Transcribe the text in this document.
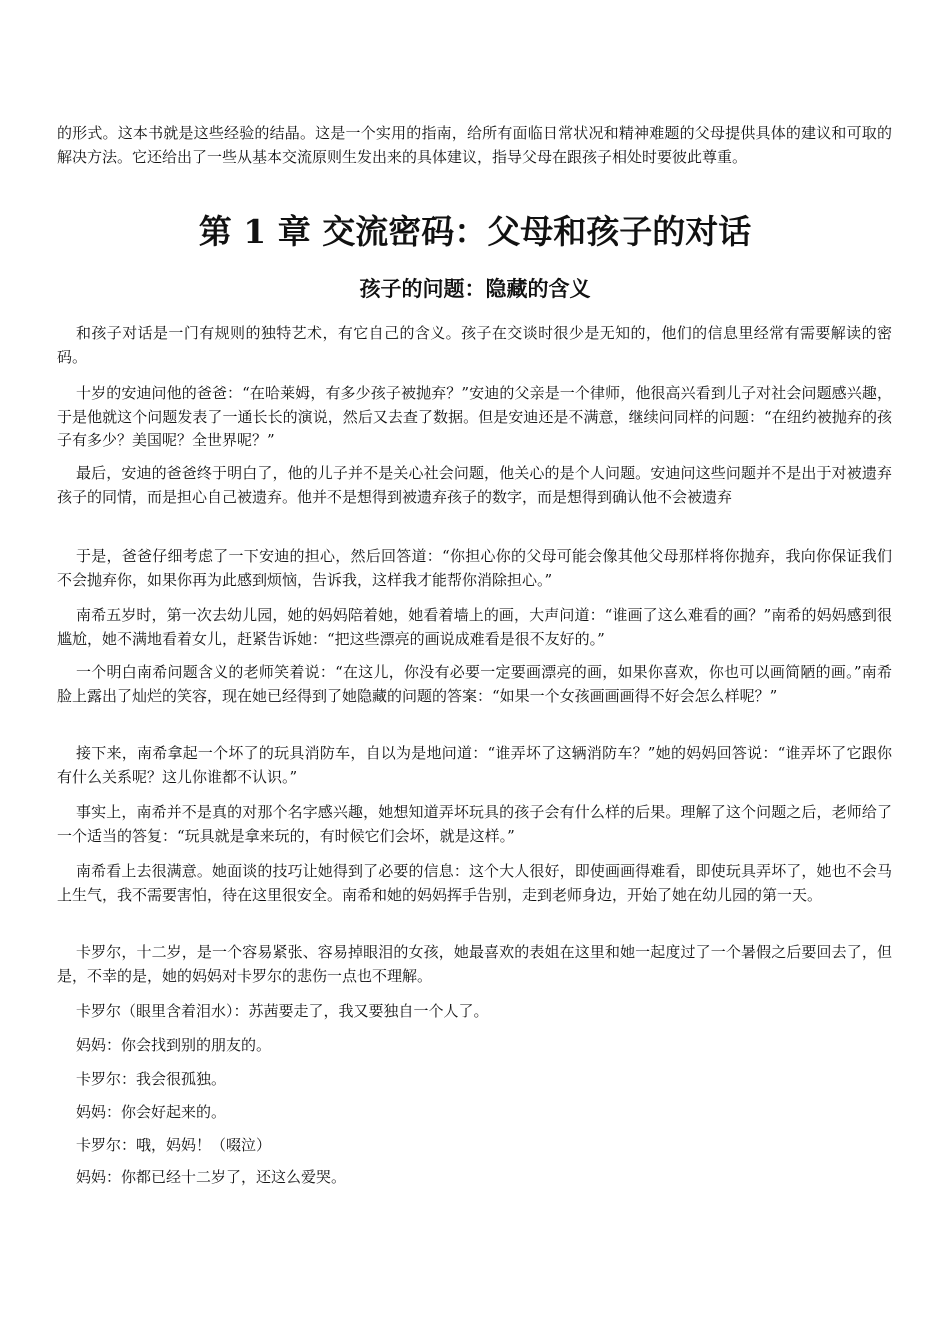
的形式。这本书就是这些经验的结晶。这是一个实用的指南，给所有面临日常状况和精神难题的父母提供具体的建议和可取的解决方法。它还给出了一些从基本交流原则生发出来的具体建议，指导父母在跟孩子相处时要彼此尊重。

第 1 章 交流密码：父母和孩子的对话
孩子的问题：隐藏的含义

和孩子对话是一门有规则的独特艺术，有它自己的含义。孩子在交谈时很少是无知的，他们的信息里经常有需要解读的密码。

十岁的安迪问他的爸爸：“在哈莱姆，有多少孩子被抛弃？”安迪的父亲是一个律师，他很高兴看到儿子对社会问题感兴趣，于是他就这个问题发表了一通长长的演说，然后又去查了数据。但是安迪还是不满意，继续问同样的问题：“在纽约被抛弃的孩子有多少？美国呢？全世界呢？”

最后，安迪的爸爸终于明白了，他的儿子并不是关心社会问题，他关心的是个人问题。安迪问这些问题并不是出于对被遗弃孩子的同情，而是担心自己被遗弃。他并不是想得到被遗弃孩子的数字，而是想得到确认他不会被遗弃

于是，爸爸仔细考虑了一下安迪的担心，然后回答道：“你担心你的父母可能会像其他父母那样将你抛弃，我向你保证我们不会抛弃你，如果你再为此感到烦恼，告诉我，这样我才能帮你消除担心。”

南希五岁时，第一次去幼儿园，她的妈妈陪着她，她看着墙上的画，大声问道：“谁画了这么难看的画？”南希的妈妈感到很尴尬，她不满地看着女儿，赶紧告诉她：“把这些漂亮的画说成难看是很不友好的。”

一个明白南希问题含义的老师笑着说：“在这儿，你没有必要一定要画漂亮的画，如果你喜欢，你也可以画简陋的画。”南希脸上露出了灿烂的笑容，现在她已经得到了她隐藏的问题的答案：“如果一个女孩画画画得不好会怎么样呢？”

接下来，南希拿起一个坏了的玩具消防车，自以为是地问道：“谁弄坏了这辆消防车？”她的妈妈回答说：“谁弄坏了它跟你有什么关系呢？这儿你谁都不认识。”

事实上，南希并不是真的对那个名字感兴趣，她想知道弄坏玩具的孩子会有什么样的后果。理解了这个问题之后，老师给了一个适当的答复：“玩具就是拿来玩的，有时候它们会坏，就是这样。”

南希看上去很满意。她面谈的技巧让她得到了必要的信息：这个大人很好，即使画画得难看，即使玩具弄坏了，她也不会马上生气，我不需要害怕，待在这里很安全。南希和她的妈妈挥手告别，走到老师身边，开始了她在幼儿园的第一天。

卡罗尔，十二岁，是一个容易紧张、容易掉眼泪的女孩，她最喜欢的表姐在这里和她一起度过了一个暑假之后要回去了，但是，不幸的是，她的妈妈对卡罗尔的悲伤一点也不理解。

卡罗尔（眼里含着泪水）：苏茜要走了，我又要独自一个人了。

妈妈：你会找到别的朋友的。

卡罗尔：我会很孤独。

妈妈：你会好起来的。

卡罗尔：哦，妈妈！（啜泣）

妈妈：你都已经十二岁了，还这么爱哭。
